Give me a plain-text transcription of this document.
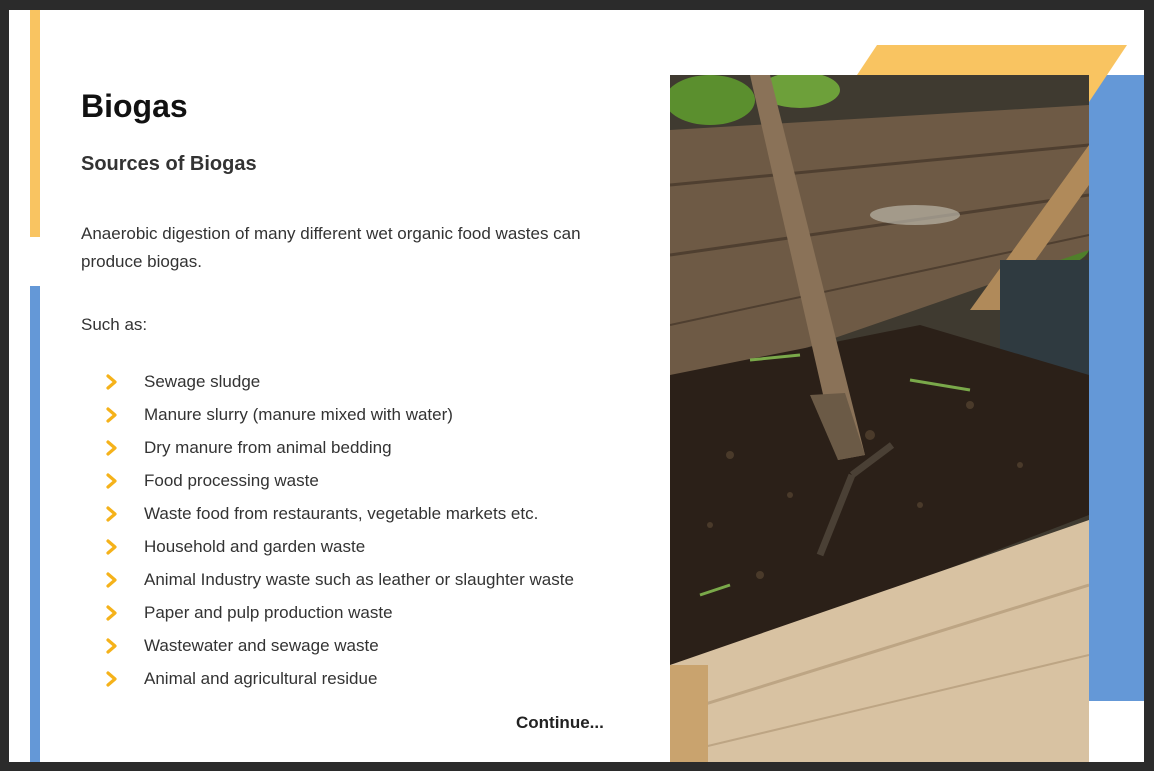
Biogas
Sources of Biogas

Anaerobic digestion of many different wet organic food wastes can produce biogas.

Such as:

Sewage sludge
Manure slurry (manure mixed with water)
Dry manure from animal bedding
Food processing waste
Waste food from restaurants, vegetable markets etc.
Household and garden waste
Animal Industry waste such as leather or slaughter waste
Paper and pulp production waste
Wastewater and sewage waste
Animal and agricultural residue
Continue...
